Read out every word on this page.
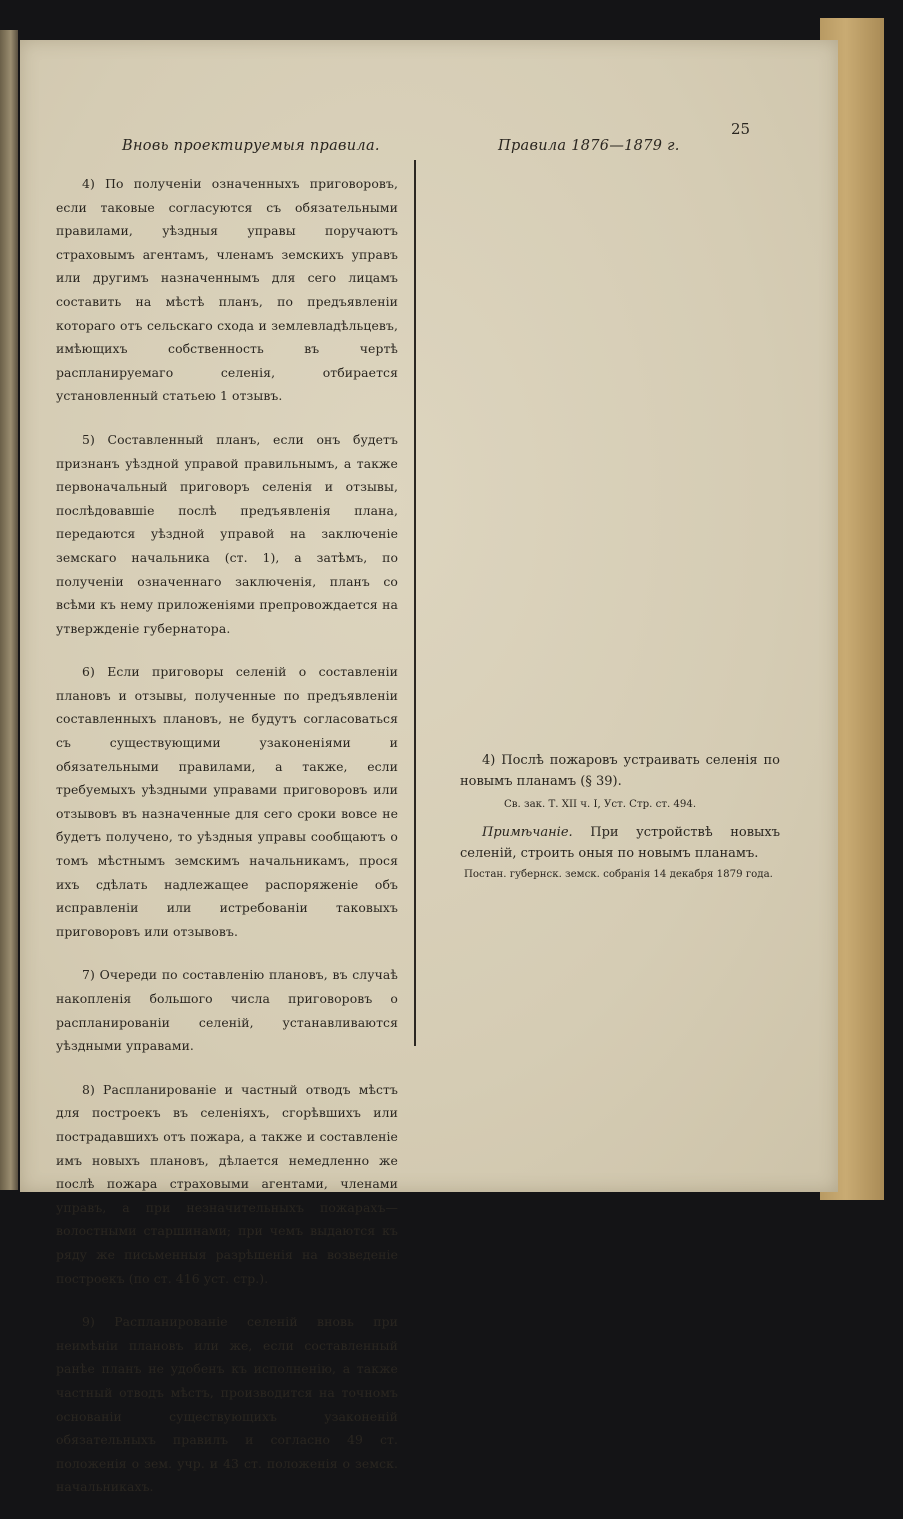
25
Вновь проектируемыя правила.	Правила 1876—1879 г.

4) По полученіи означенныхъ приговоровъ, если таковые согласуются съ обязательными правилами, уѣздныя управы поручаютъ страховымъ агентамъ, членамъ земскихъ управъ или другимъ назначеннымъ для сего лицамъ составить на мѣстѣ планъ, по предъявленіи котораго отъ сельскаго схода и землевладѣльцевъ, имѣющихъ собственность въ чертѣ распланируемаго селенія, отбирается установленный статьею 1 отзывъ.

5) Составленный планъ, если онъ будетъ признанъ уѣздной управой правильнымъ, а также первоначальный приговоръ селенія и отзывы, послѣдовавшіе послѣ предъявленія плана, передаются уѣздной управой на заключеніе земскаго начальника (ст. 1), а затѣмъ, по полученіи означеннаго заключенія, планъ со всѣми къ нему приложеніями препровождается на утвержденіе губернатора.

6) Если приговоры селеній о составленіи плановъ и отзывы, полученные по предъявленіи составленныхъ плановъ, не будутъ согласоваться съ существующими узаконеніями и обязательными правилами, а также, если требуемыхъ уѣздными управами приговоровъ или отзывовъ въ назначенные для сего сроки вовсе не будетъ получено, то уѣздныя управы сообщаютъ о томъ мѣстнымъ земскимъ начальникамъ, прося ихъ сдѣлать надлежащее распоряженіе объ исправленіи или истребованіи таковыхъ приговоровъ или отзывовъ.

7) Очереди по составленію плановъ, въ случаѣ накопленія большого числа приговоровъ о распланированіи селеній, устанавливаются уѣздными управами.

8) Распланированіе и частный отводъ мѣстъ для построекъ въ селеніяхъ, сгорѣвшихъ или пострадавшихъ отъ пожара, а также и составленіе имъ новыхъ плановъ, дѣлается немедленно же послѣ пожара страховыми агентами, членами управъ, а при незначительныхъ пожарахъ—волостными старшинами; при чемъ выдаются къ ряду же письменныя разрѣшенія на возведеніе построекъ (по ст. 416 уст. стр.).

9) Распланированіе селеній вновь при неимѣніи плановъ или же, если составленный ранѣе планъ не удобенъ къ исполненію, а также частный отводъ мѣстъ, производится на точномъ основаніи существующихъ узаконеній обязательныхъ правилъ и согласно 49 ст. положенія о зем. учр. и 43 ст. положенія о земск. начальникахъ.

4) Послѣ пожаровъ устраивать селенія по новымъ планамъ (§ 39).

Св. зак. Т. XII ч. I, Уст. Стр. ст. 494.

Примѣчаніе. При устройствѣ новыхъ селеній, строить оныя по новымъ планамъ.

Постан. губернск. земск. собранія 14 декабря 1879 года.
